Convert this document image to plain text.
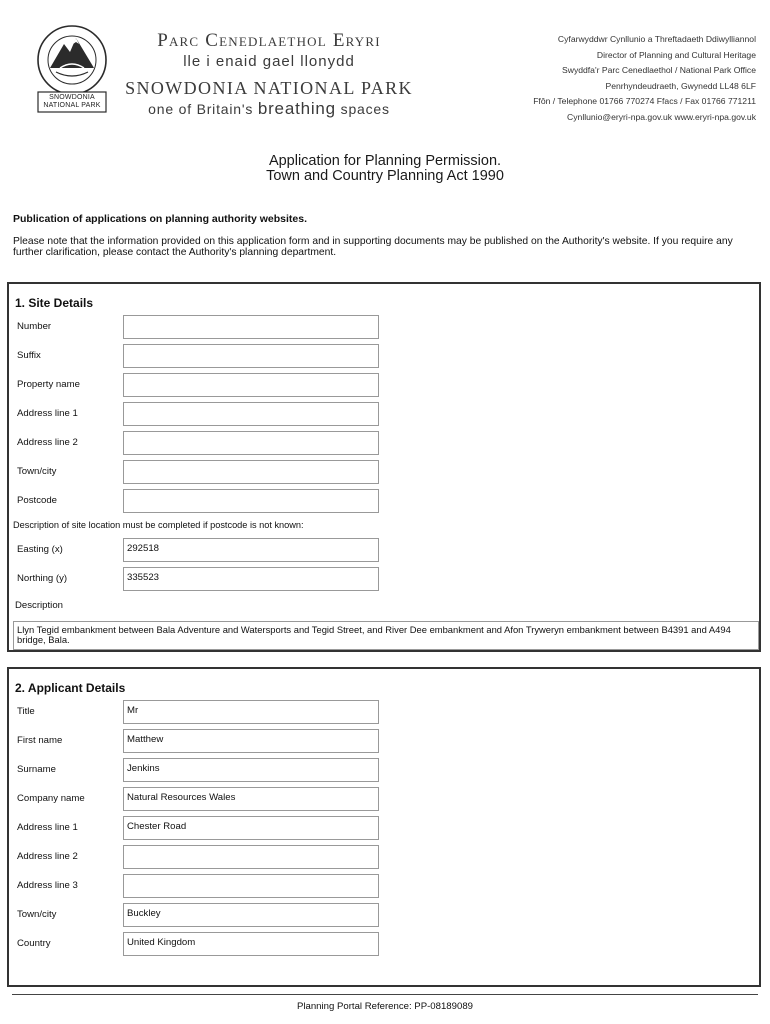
SNOWDONIA
NATIONAL PARK
Parc Cenedlaethol Eryri
lle i enaid gael llonydd
SNOWDONIA NATIONAL PARK
one of Britain's breathing spaces
Cyfarwyddwr Cynllunio a Threftadaeth Ddiwylliannol
Director of Planning and Cultural Heritage
Swyddfa'r Parc Cenedlaethol / National Park Office
Penrhyndeudraeth, Gwynedd LL48 6LF
Ffôn / Telephone 01766 770274 Ffacs / Fax 01766 771211
Cynllunio@eryri-npa.gov.uk www.eryri-npa.gov.uk
Application for Planning Permission.
Town and Country Planning Act 1990
Publication of applications on planning authority websites.
Please note that the information provided on this application form and in supporting documents may be published on the Authority's website. If you require any further clarification, please contact the Authority's planning department.
1. Site Details
Number
Suffix
Property name
Address line 1
Address line 2
Town/city
Postcode
Description of site location must be completed if postcode is not known:
Easting (x)	292518
Northing (y)	335523
Description
Llyn Tegid embankment between Bala Adventure and Watersports and Tegid Street, and River Dee embankment and Afon Tryweryn embankment between B4391 and A494 bridge, Bala.
2. Applicant Details
Title	Mr
First name	Matthew
Surname	Jenkins
Company name	Natural Resources Wales
Address line 1	Chester Road
Address line 2
Address line 3
Town/city	Buckley
Country	United Kingdom
Planning Portal Reference: PP-08189089
